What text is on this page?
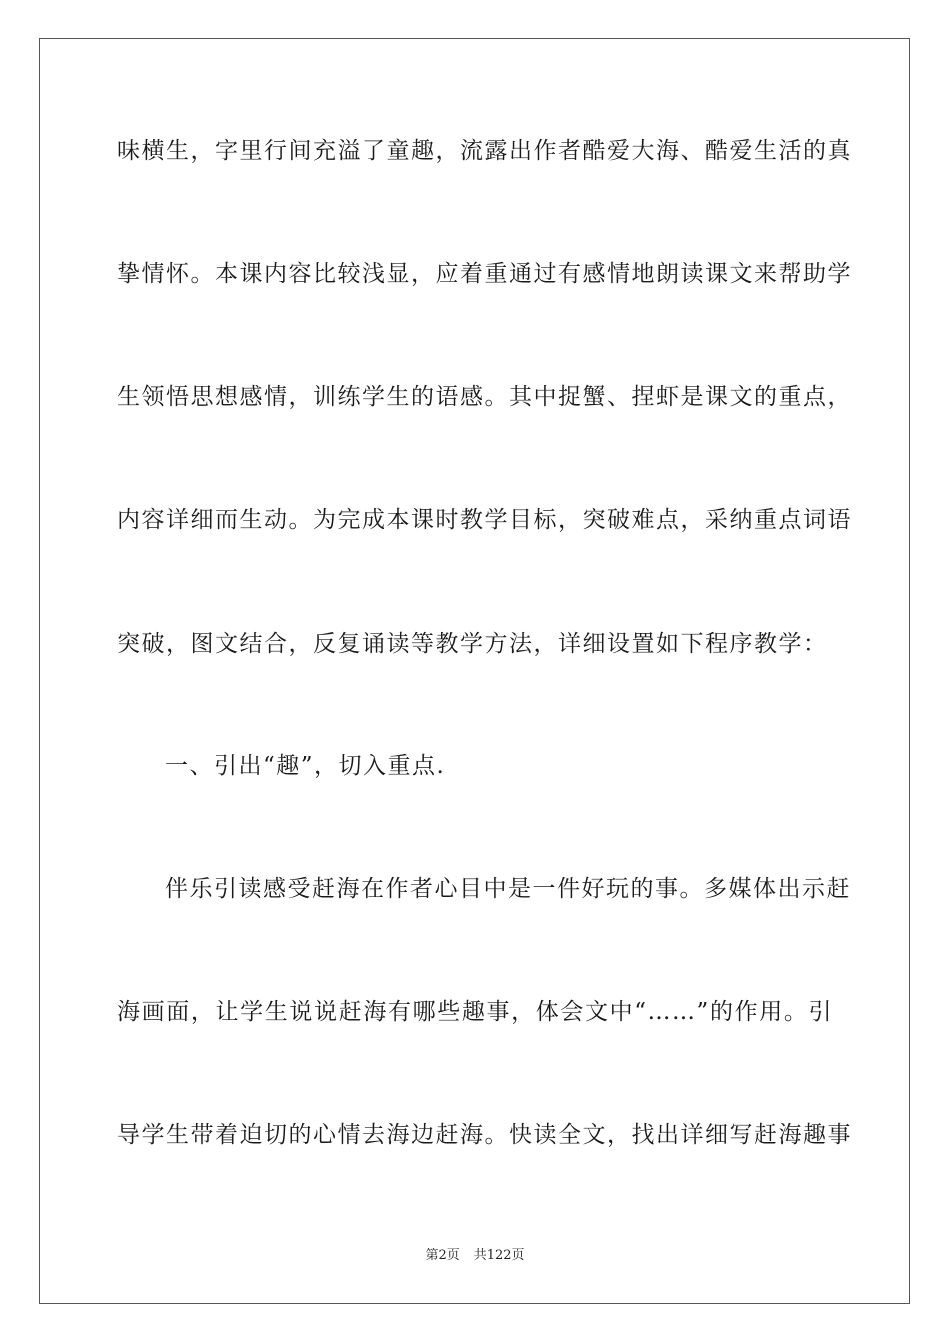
味横生，字里行间充溢了童趣，流露出作者酷爱大海、酷爱生活的真
挚情怀。本课内容比较浅显，应着重通过有感情地朗读课文来帮助学
生领悟思想感情，训练学生的语感。其中捉蟹、捏虾是课文的重点，
内容详细而生动。为完成本课时教学目标，突破难点，采纳重点词语
突破，图文结合，反复诵读等教学方法，详细设置如下程序教学：
一、引出“趣”，切入重点.
伴乐引读感受赶海在作者心目中是一件好玩的事。多媒体出示赶
海画面，让学生说说赶海有哪些趣事，体会文中“……”的作用。引
导学生带着迫切的心情去海边赶海。快读全文，找出详细写赶海趣事
第2页 共122页
